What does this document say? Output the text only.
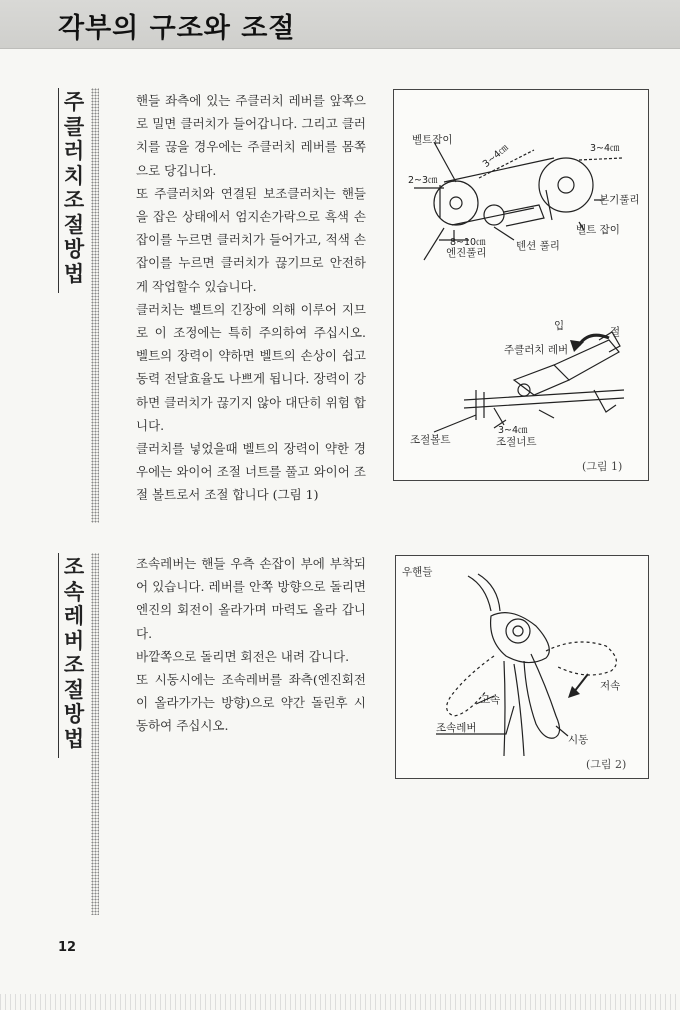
각부의 구조와 조절
주클러치 조절방법

핸들 좌측에 있는 주클러치 레버를 앞쪽으로 밀면 클러치가 들어갑니다. 그리고 클러치를 끊을 경우에는 주클러치 레버를 몸쪽으로 당깁니다.

또 주클러치와 연결된 보조클러치는 핸들을 잡은 상태에서 엄지손가락으로 흑색 손잡이를 누르면 클러치가 들어가고, 적색 손잡이를 누르면 클러치가 끊기므로 안전하게 작업할수 있습니다.

클러치는 벨트의 긴장에 의해 이루어 지므로 이 조정에는 특히 주의하여 주십시오. 벨트의 장력이 약하면 벨트의 손상이 쉽고 동력 전달효율도 나쁘게 됩니다. 장력이 강하면 클러치가 끊기지 않아 대단히 위험 합니다.

클러치를 넣었을때 벨트의 장력이 약한 경우에는 와이어 조절 너트를 풀고 와이어 조절 볼트로서 조절 합니다 (그림 1)

벨트잡이
3~4㎝	3~4㎝
2~3㎝
본기풀리
벨트 잡이
8~10㎝
엔진풀리
텐션 풀리
입	절
주클러치 레버
3~4㎝
조절볼트	조절너트
(그림 1)
조속레버 조절방법

조속레버는 핸들 우측 손잡이 부에 부착되어 있습니다. 레버를 안쪽 방향으로 돌리면 엔진의 회전이 올라가며 마력도 올라 갑니다.

바깥쪽으로 돌리면 회전은 내려 갑니다.

또 시동시에는 조속레버를 좌측(엔진회전이 올라가가는 방향)으로 약간 돌린후 시동하여 주십시오.

우핸들
고속
저속
조속레버
시동
(그림 2)
12
